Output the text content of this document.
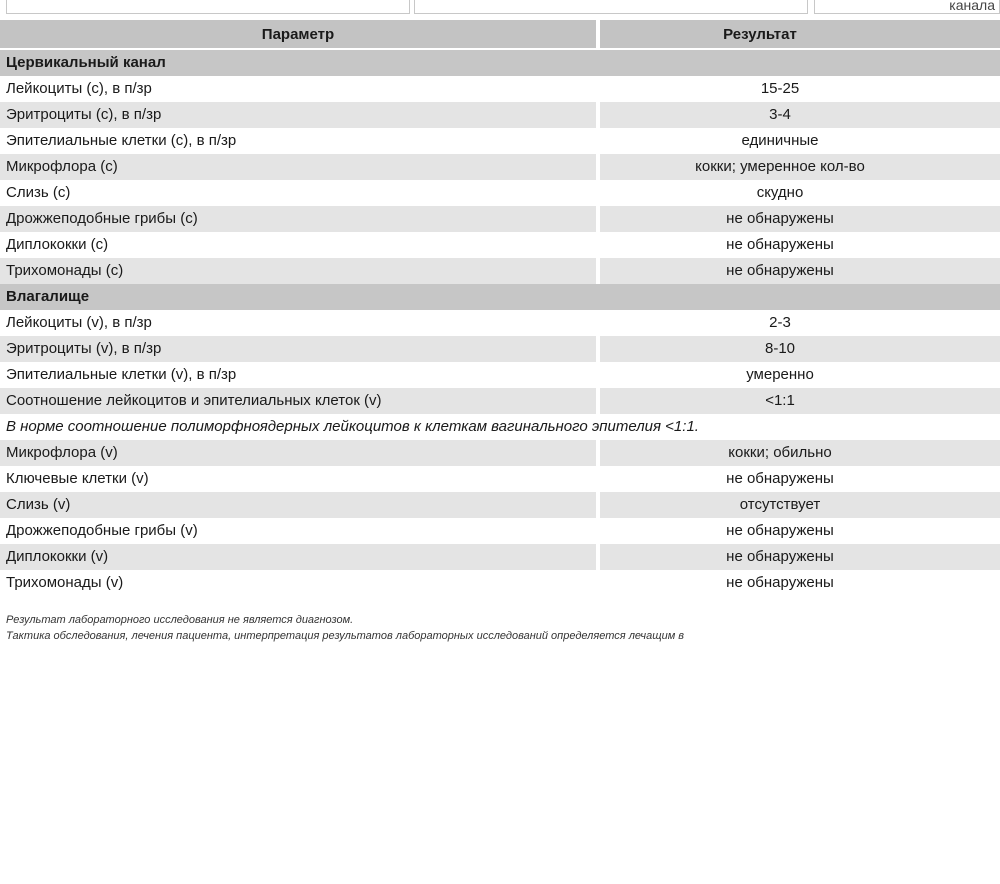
канала
Параметр	Результат
Цервикальный канал	
Лейкоциты (с), в п/зр	15-25
Эритроциты (с), в п/зр	3-4
Эпителиальные клетки (с), в п/зр	единичные
Микрофлора (с)	кокки; умеренное кол-во
Слизь (с)	скудно
Дрожжеподобные грибы (с)	не обнаружены
Диплококки (с)	не обнаружены
Трихомонады (с)	не обнаружены
Влагалище	
Лейкоциты (v), в п/зр	2-3
Эритроциты (v), в п/зр	8-10
Эпителиальные клетки (v), в п/зр	умеренно
Соотношение лейкоцитов и эпителиальных клеток (v)	<1:1
В норме соотношение полиморфноядерных лейкоцитов к клеткам вагинального эпителия <1:1.	
Микрофлора (v)	кокки; обильно
Ключевые клетки (v)	не обнаружены
Слизь (v)	отсутствует
Дрожжеподобные грибы (v)	не обнаружены
Диплококки (v)	не обнаружены
Трихомонады (v)	не обнаружены
Результат лабораторного исследования не является диагнозом.
Тактика обследования, лечения пациента, интерпретация результатов лабораторных исследований определяется лечащим в
